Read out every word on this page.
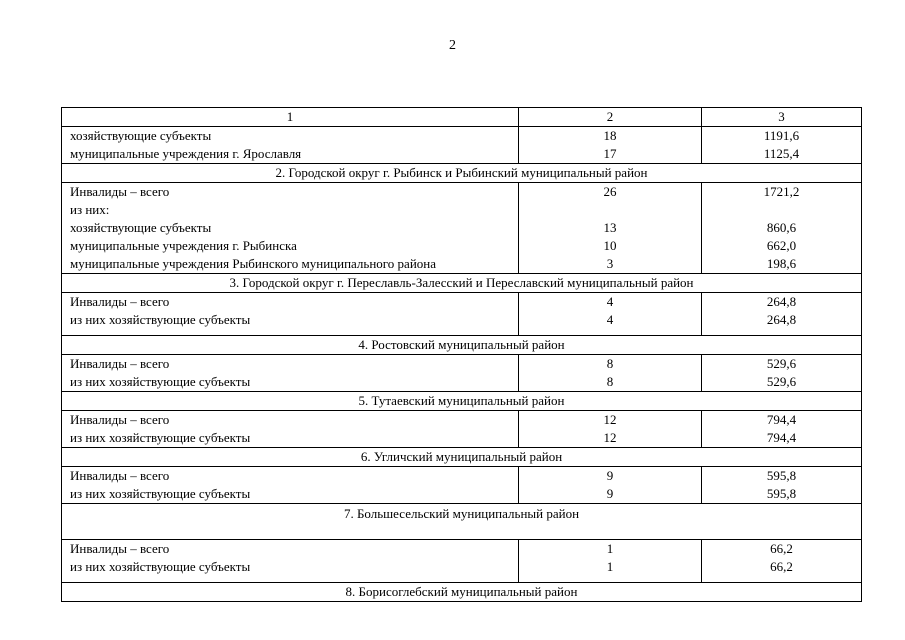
2
1	2	3
хозяйствующие субъекты	18	1191,6
муниципальные учреждения г. Ярославля	17	1125,4
2. Городской округ г. Рыбинск и Рыбинский муниципальный район		
Инвалиды – всего	26	1721,2
из них:		
хозяйствующие субъекты	13	860,6
муниципальные учреждения г. Рыбинска	10	662,0
муниципальные учреждения Рыбинского муниципального района	3	198,6
3. Городской округ г. Переславль-Залесский и Переславский муниципальный район		
Инвалиды – всего	4	264,8
из них хозяйствующие субъекты	4	264,8
4. Ростовский муниципальный район		
Инвалиды – всего	8	529,6
из них хозяйствующие субъекты	8	529,6
5. Тутаевский муниципальный район		
Инвалиды – всего	12	794,4
из них хозяйствующие субъекты	12	794,4
6. Угличский муниципальный район		
Инвалиды – всего	9	595,8
из них хозяйствующие субъекты	9	595,8
7. Большесельский муниципальный район		
Инвалиды – всего	1	66,2
из них хозяйствующие субъекты	1	66,2
8. Борисоглебский муниципальный район		
